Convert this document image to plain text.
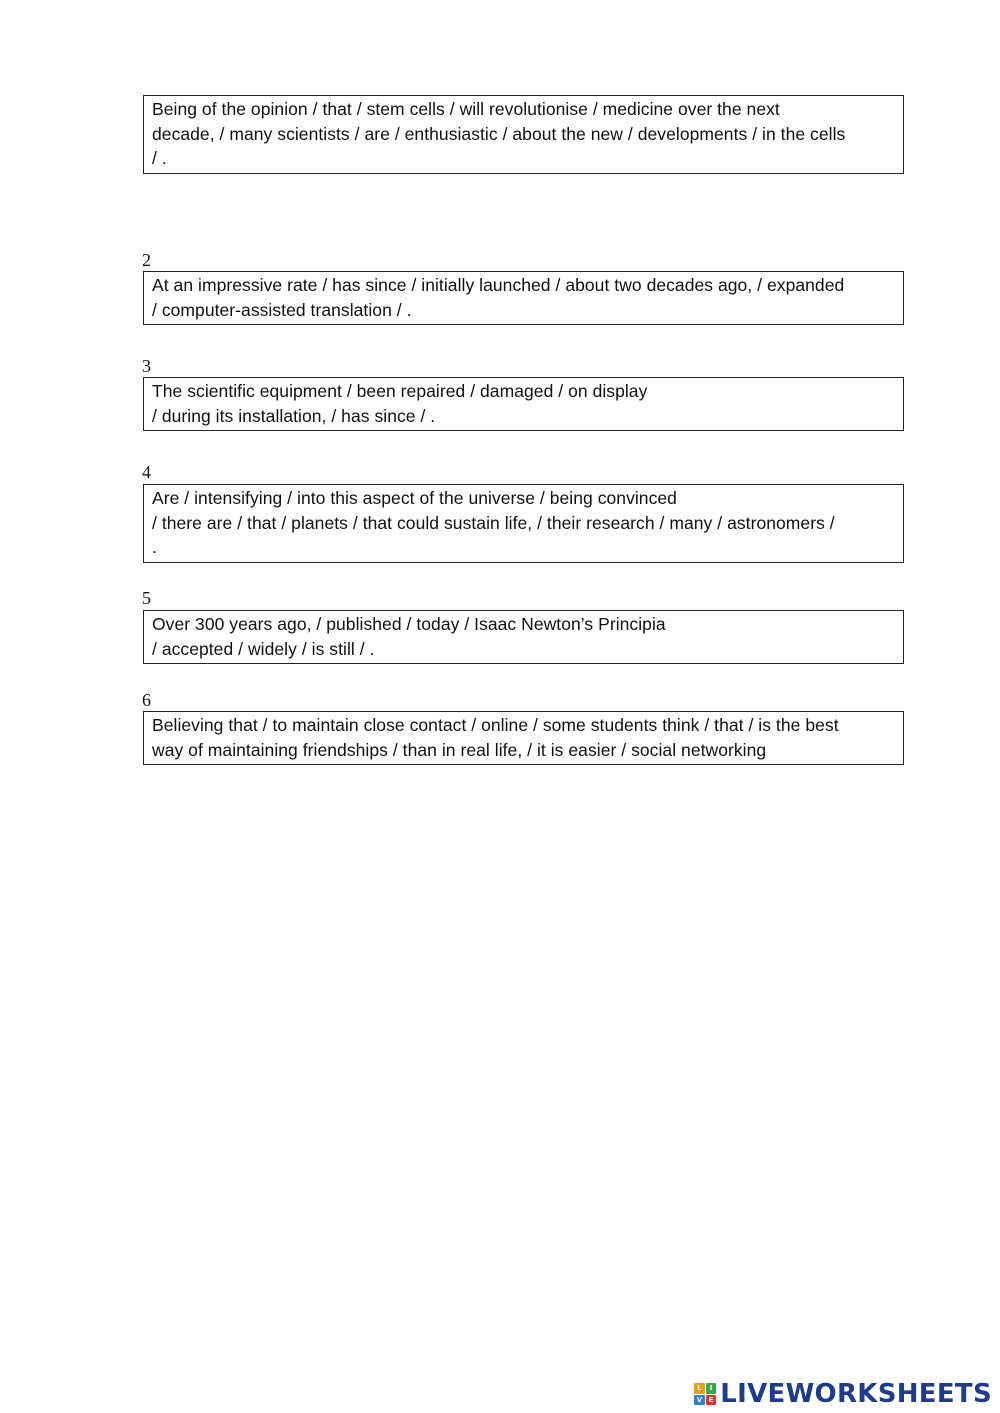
Being of the opinion / that / stem cells / will revolutionise / medicine over the next
decade, / many scientists / are / enthusiastic / about the new / developments / in the cells
/ .
2
At an impressive rate / has since / initially launched / about two decades ago, / expanded
/ computer-assisted translation / .
3
The scientific equipment / been repaired / damaged / on display
/ during its installation, / has since / .
4
Are / intensifying / into this aspect of the universe / being convinced
/ there are / that / planets / that could sustain life, / their research / many / astronomers /
.
5
Over 300 years ago, / published / today / Isaac Newton’s Principia
/ accepted / widely / is still / .
6
Believing that / to maintain close contact / online / some students think / that / is the best
way of maintaining friendships / than in real life, / it is easier / social networking
L	I
V E LIVEWORKSHEETS
